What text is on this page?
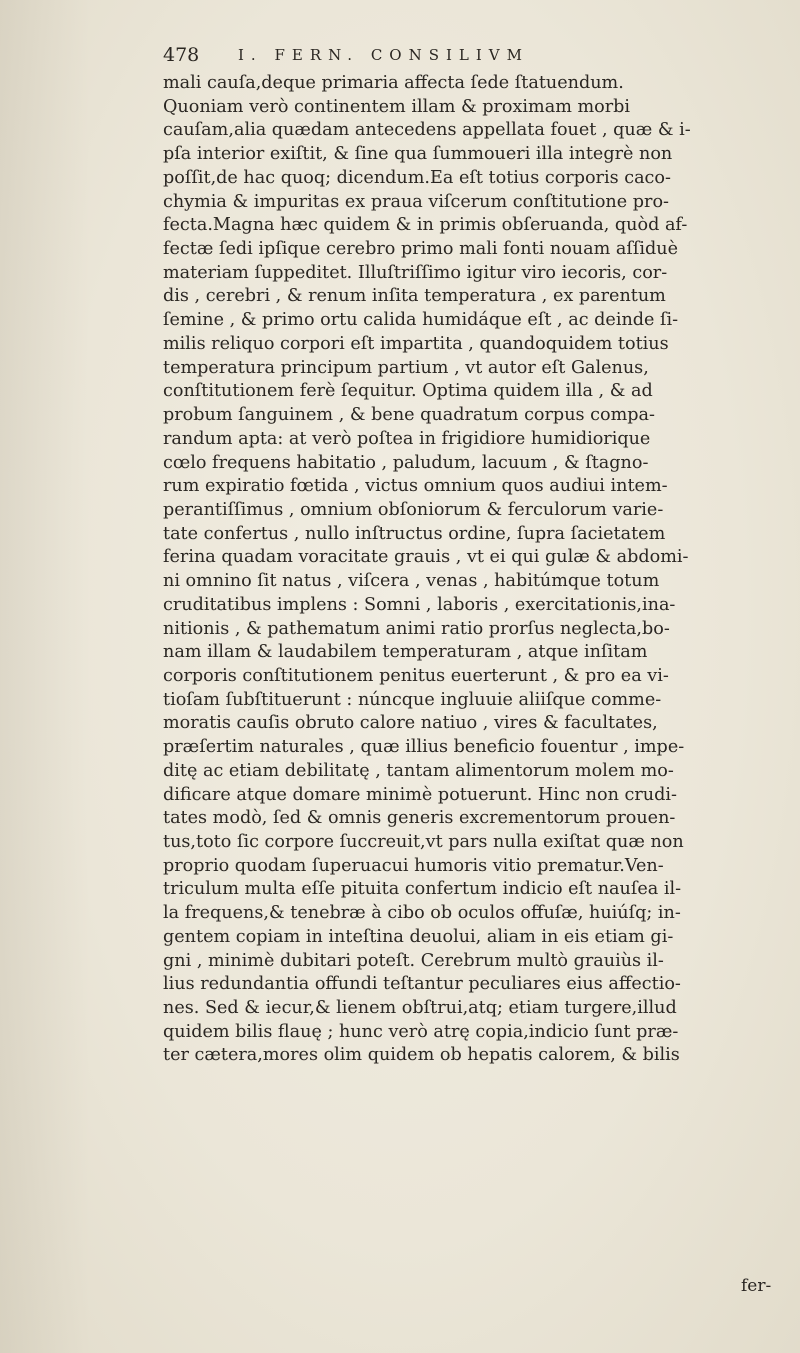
478	I. FERN. CONSILIVM
mali cauſa,deque primaria affecta ſede ſtatuendum.
Quoniam verò continentem illam & proximam morbi
cauſam,alia quædam antecedens appellata fouet , quæ & i-
pſa interior exiſtit, & ſine qua ſummoueri illa integrè non
poſſit,de hac quoq; dicendum.Ea eſt totius corporis caco-
chymia & impuritas ex praua viſcerum conſtitutione pro-
fecta.Magna hæc quidem & in primis obſeruanda, quòd af-
fectæ ſedi ipſique cerebro primo mali fonti nouam aſſiduè
materiam ſuppeditet. Illuſtriſſimo igitur viro iecoris, cor-
dis , cerebri , & renum inſita temperatura , ex parentum
ſemine , & primo ortu calida humidáque eſt , ac deinde ſi-
milis reliquo corpori eſt impartita , quandoquidem totius
temperatura principum partium , vt autor eſt Galenus,
conſtitutionem ferè ſequitur. Optima quidem illa , & ad
probum ſanguinem , & bene quadratum corpus compa-
randum apta: at verò poſtea in frigidiore humidiorique
cœlo frequens habitatio , paludum, lacuum , & ſtagno-
rum expiratio fœtida , victus omnium quos audiui intem-
perantiſſimus , omnium obſoniorum & ferculorum varie-
tate confertus , nullo inſtructus ordine, ſupra ſacietatem
ferina quadam voracitate grauis , vt ei qui gulæ & abdomi-
ni omnino ſit natus , viſcera , venas , habitúmque totum
cruditatibus implens : Somni , laboris , exercitationis,ina-
nitionis , & pathematum animi ratio prorſus neglecta,bo-
nam illam & laudabilem temperaturam , atque inſitam
corporis conſtitutionem penitus euerterunt , & pro ea vi-
tioſam ſubſtituerunt : núncque ingluuie aliiſque comme-
moratis cauſis obruto calore natiuo , vires & facultates,
præſertim naturales , quæ illius beneficio fouentur , impe-
ditę ac etiam debilitatę , tantam alimentorum molem mo-
dificare atque domare minimè potuerunt. Hinc non crudi-
tates modò, ſed & omnis generis excrementorum prouen-
tus,toto ſic corpore ſuccreuit,vt pars nulla exiſtat quæ non
proprio quodam ſuperuacui humoris vitio prematur.Ven-
triculum multa eſſe pituita confertum indicio eſt nauſea il-
la frequens,& tenebræ à cibo ob oculos offuſæ, huiúſq; in-
gentem copiam in inteſtina deuolui, aliam in eis etiam gi-
gni , minimè dubitari poteſt. Cerebrum multò grauiùs il-
lius redundantia offundi teſtantur peculiares eius affectio-
nes. Sed & iecur,& lienem obſtrui,atq; etiam turgere,illud
quidem bilis flauę ; hunc verò atrę copia,indicio ſunt præ-
ter cætera,mores olim quidem ob hepatis calorem, & bilis
fer-
